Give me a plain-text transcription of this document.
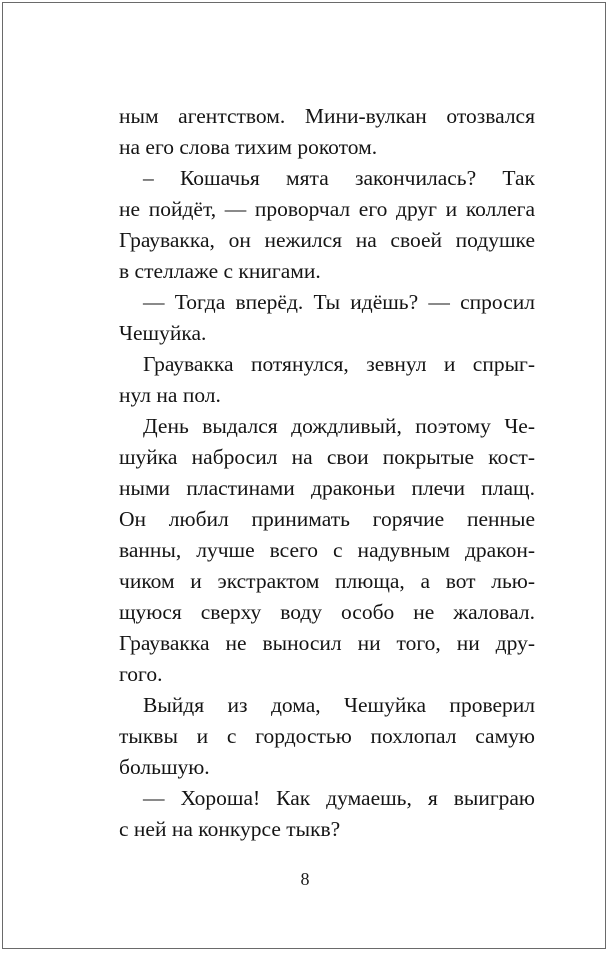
ным агентством. Мини-вулкан отозвался
на его слова тихим рокотом.
– Кошачья мята закончилась? Так
не пойдёт, — проворчал его друг и коллега
Граувакка, он нежился на своей подушке
в стеллаже с книгами.
— Тогда вперёд. Ты идёшь? — спросил
Чешуйка.
Граувакка потянулся, зевнул и спрыг-
нул на пол.
День выдался дождливый, поэтому Че-
шуйка набросил на свои покрытые кост-
ными пластинами драконьи плечи плащ.
Он любил принимать горячие пенные
ванны, лучше всего с надувным дракон-
чиком и экстрактом плюща, а вот лью-
щуюся сверху воду особо не жаловал.
Граувакка не выносил ни того, ни дру-
гого.
Выйдя из дома, Чешуйка проверил
тыквы и с гордостью похлопал самую
большую.
— Хороша! Как думаешь, я выиграю
с ней на конкурсе тыкв?
8
